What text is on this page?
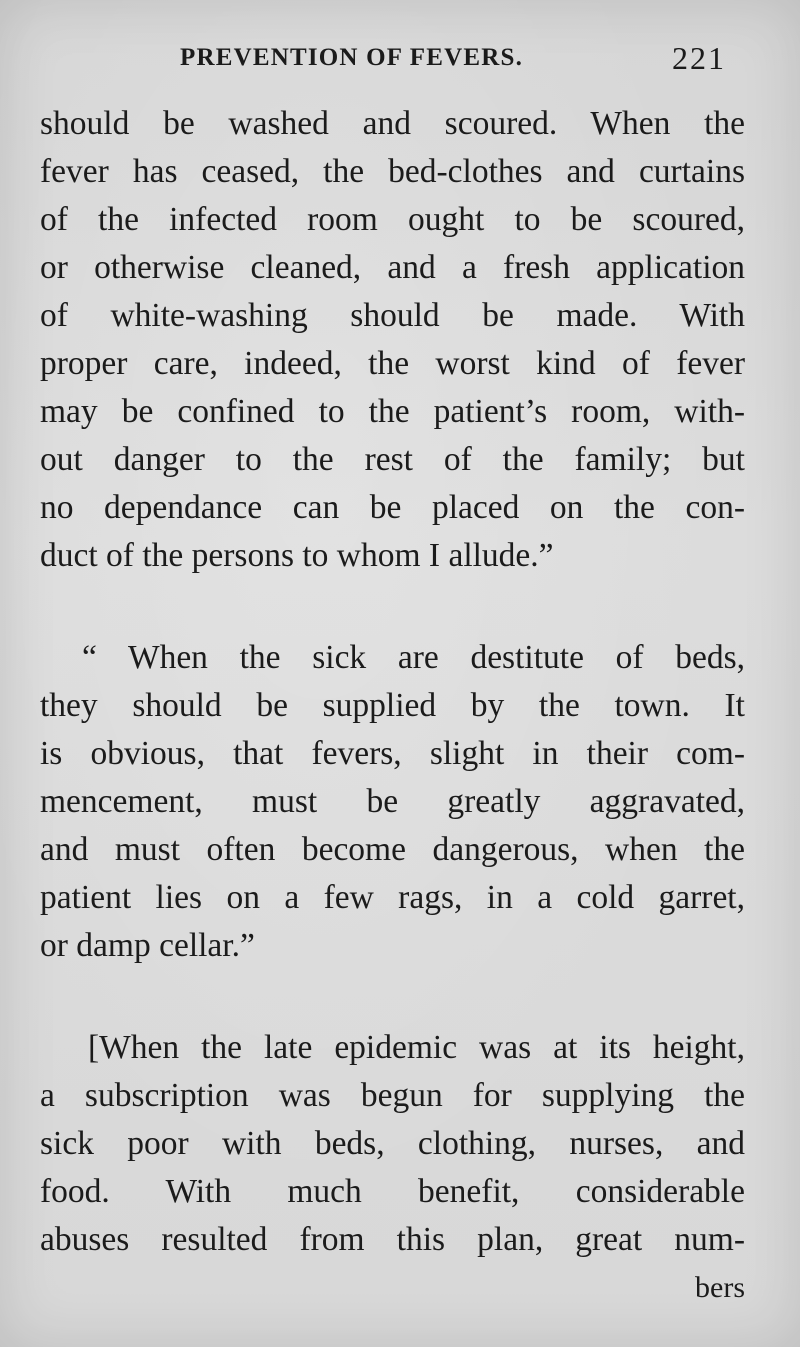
PREVENTION OF FEVERS.	221
should be washed and scoured. When the
fever has ceased, the bed-clothes and curtains
of the infected room ought to be scoured,
or otherwise cleaned, and a fresh application
of white-washing should be made. With
proper care, indeed, the worst kind of fever
may be confined to the patient’s room, with-
out danger to the rest of the family; but
no dependance can be placed on the con-
duct of the persons to whom I allude.”
“ When the sick are destitute of beds,
they should be supplied by the town. It
is obvious, that fevers, slight in their com-
mencement, must be greatly aggravated,
and must often become dangerous, when the
patient lies on a few rags, in a cold garret,
or damp cellar.”
[When the late epidemic was at its height,
a subscription was begun for supplying the
sick poor with beds, clothing, nurses, and
food. With much benefit, considerable
abuses resulted from this plan, great num-
bers
